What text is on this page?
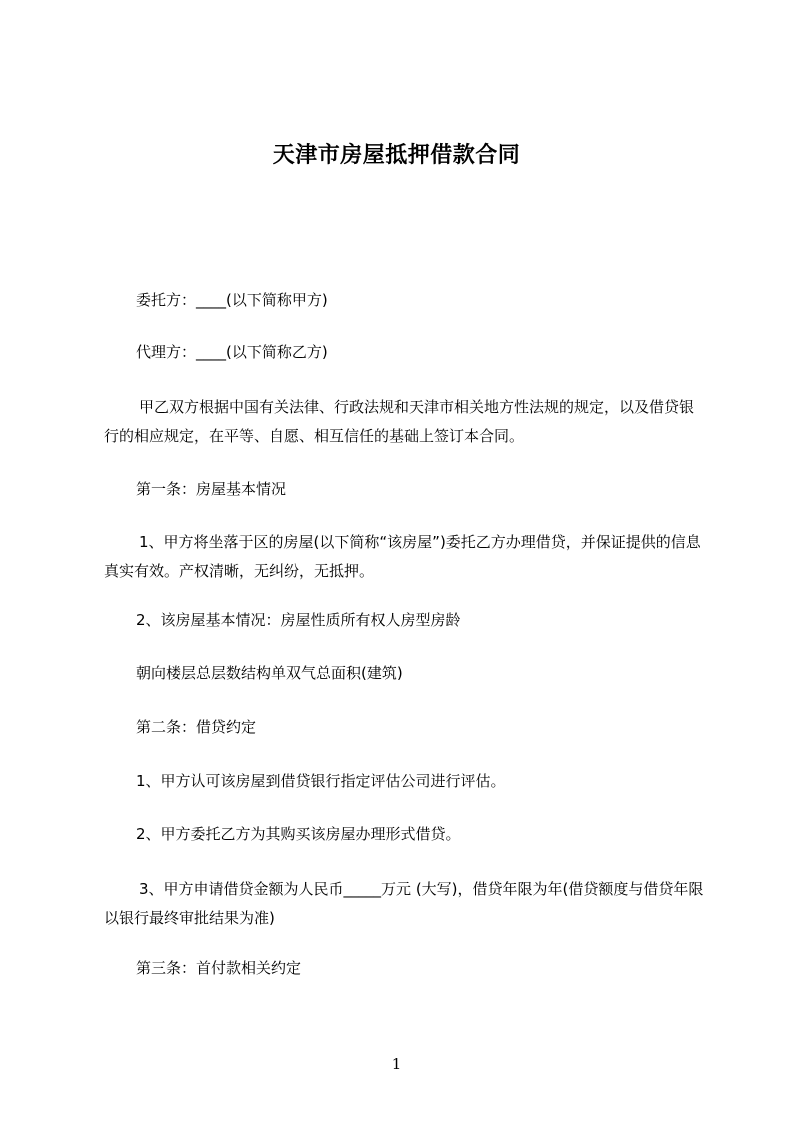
天津市房屋抵押借款合同

委托方：____(以下简称甲方)

代理方：____(以下简称乙方)

甲乙双方根据中国有关法律、行政法规和天津市相关地方性法规的规定，以及借贷银行的相应规定，在平等、自愿、相互信任的基础上签订本合同。

第一条：房屋基本情况

1、甲方将坐落于区的房屋(以下简称“该房屋”)委托乙方办理借贷，并保证提供的信息真实有效。产权清晰，无纠纷，无抵押。

2、该房屋基本情况：房屋性质所有权人房型房龄

朝向楼层总层数结构单双气总面积(建筑)

第二条：借贷约定

1、甲方认可该房屋到借贷银行指定评估公司进行评估。

2、甲方委托乙方为其购买该房屋办理形式借贷。

3、甲方申请借贷金额为人民币_____万元 (大写)，借贷年限为年(借贷额度与借贷年限以银行最终审批结果为准)

第三条：首付款相关约定

1
